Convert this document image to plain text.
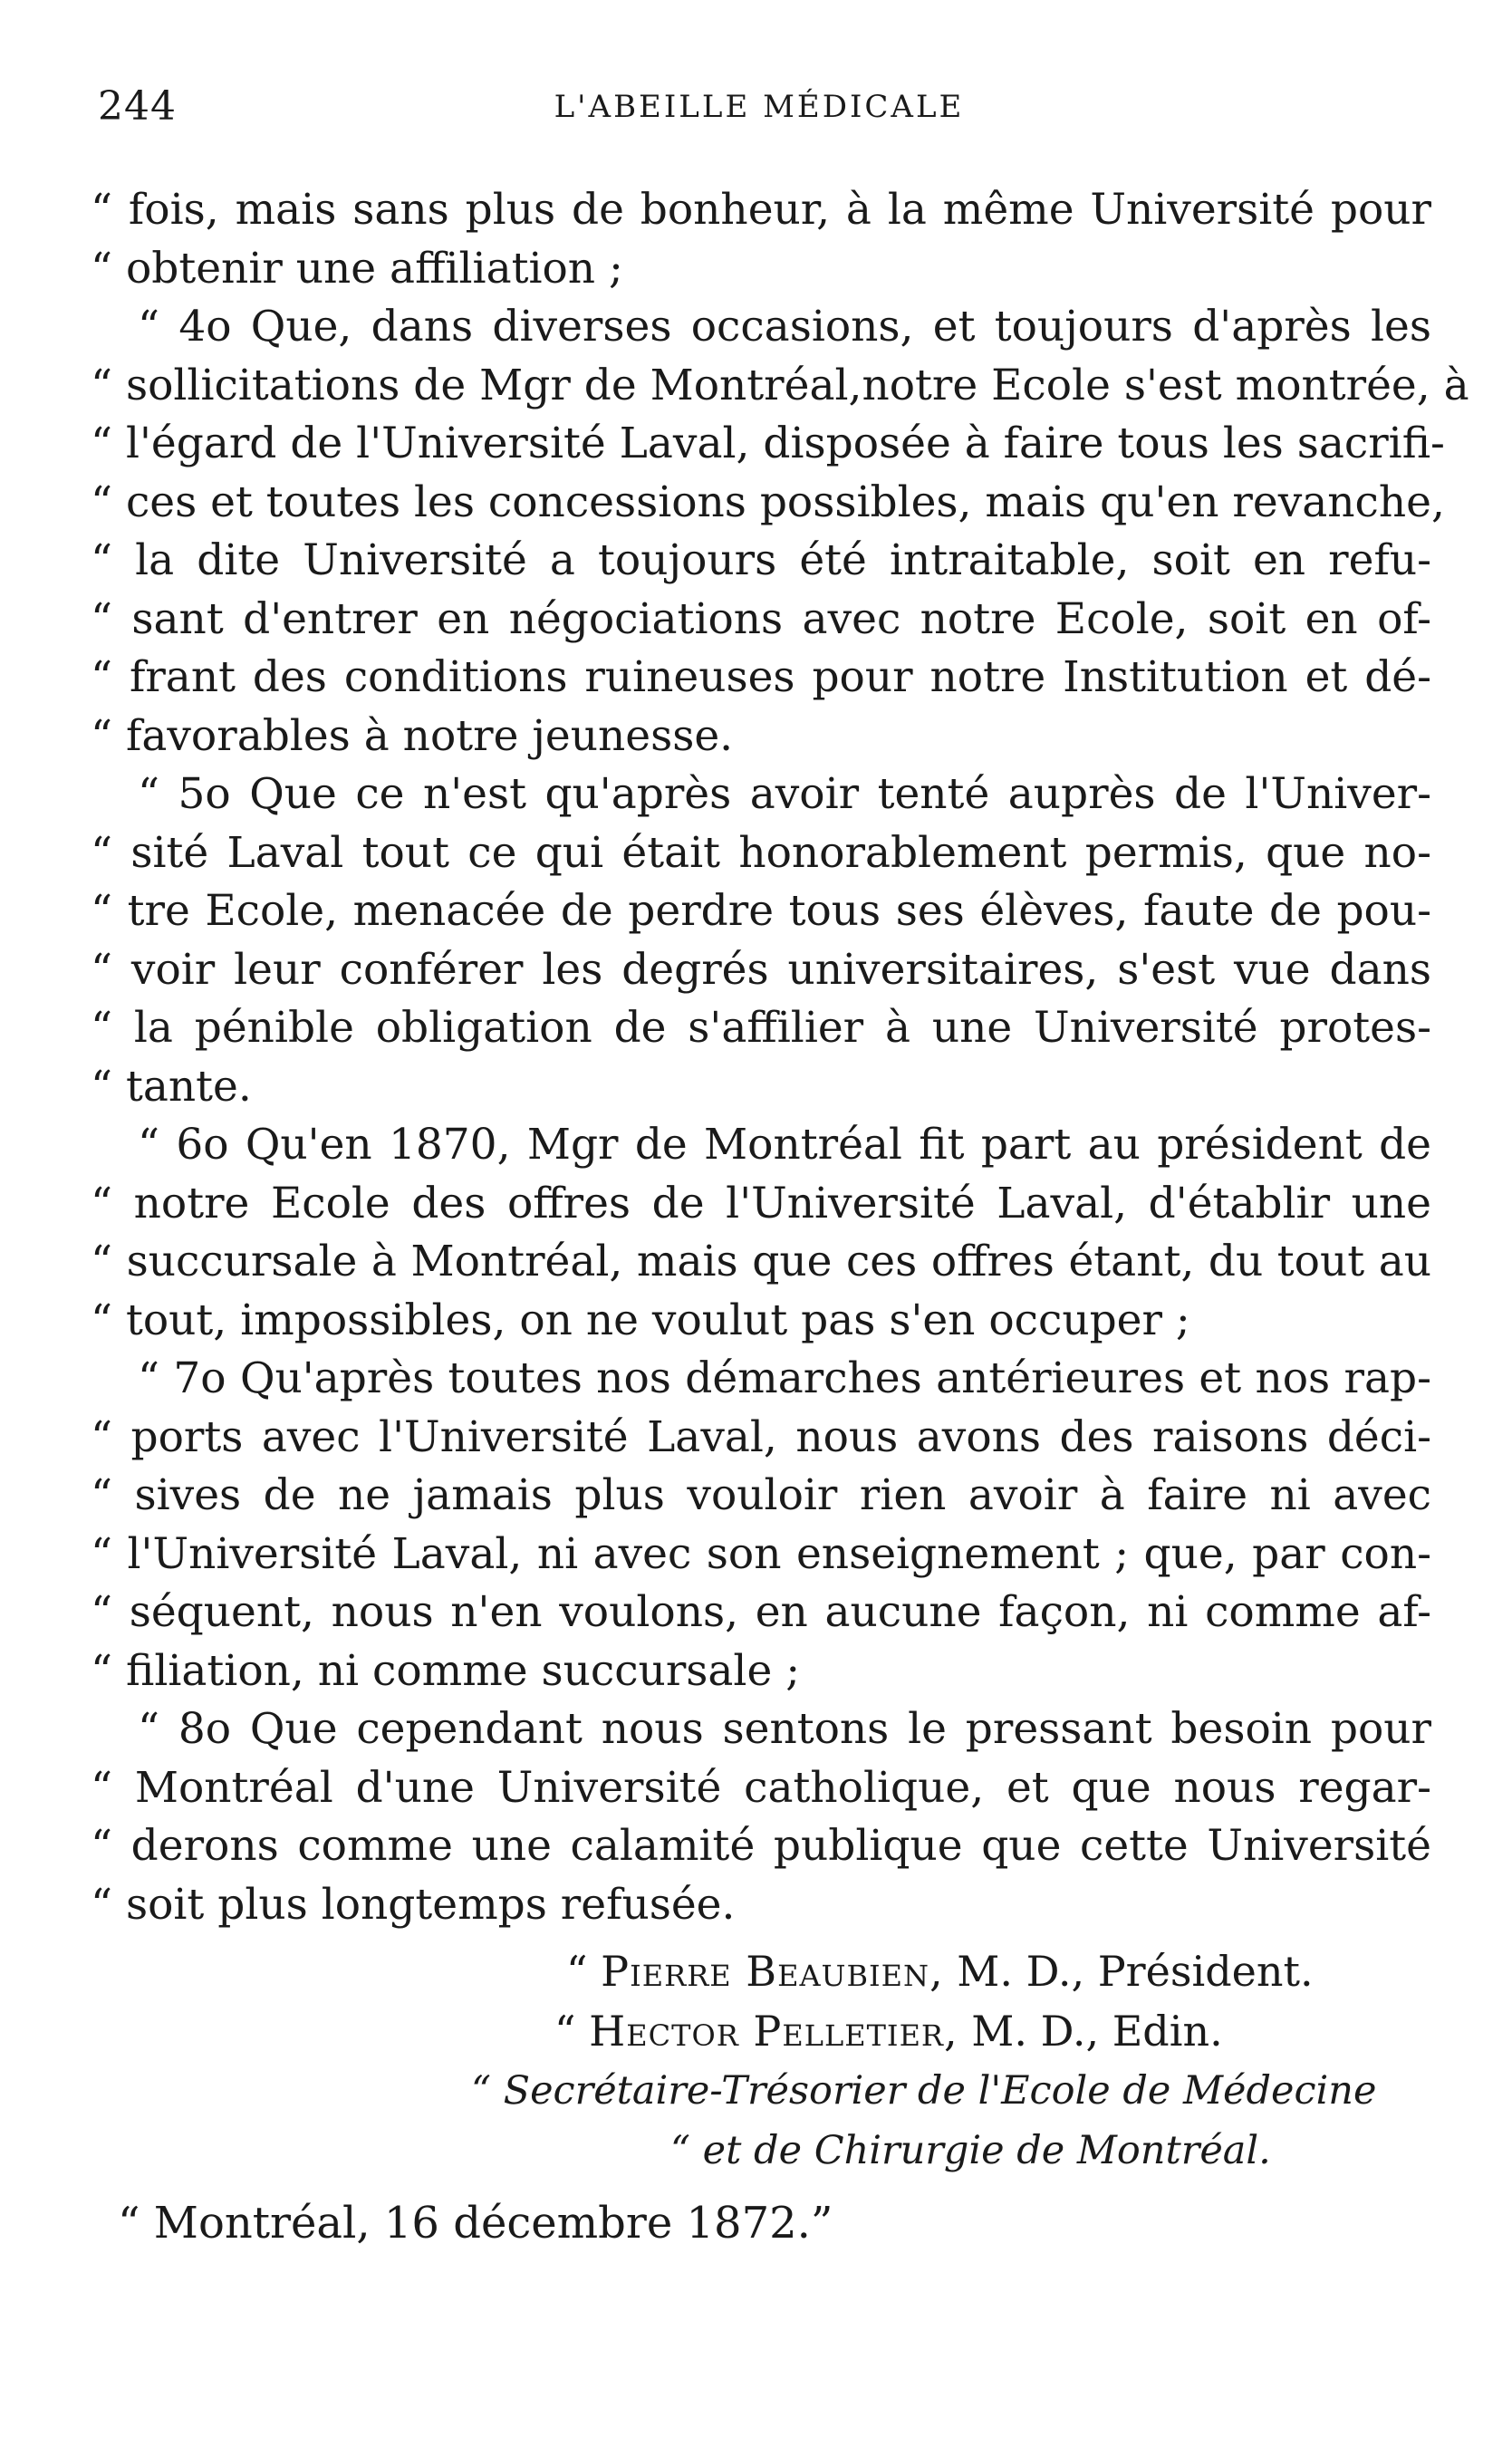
244	L'ABEILLE MÉDICALE
“ fois, mais sans plus de bonheur, à la même Université pour
“ obtenir une affiliation ;
“ 4o Que, dans diverses occasions, et toujours d'après les
“ sollicitations de Mgr de Montréal,notre Ecole s'est montrée, à
“ l'égard de l'Université Laval, disposée à faire tous les sacrifi-
“ ces et toutes les concessions possibles, mais qu'en revanche,
“ la dite Université a toujours été intraitable, soit en refu-
“ sant d'entrer en négociations avec notre Ecole, soit en of-
“ frant des conditions ruineuses pour notre Institution et dé-
“ favorables à notre jeunesse.
“ 5o Que ce n'est qu'après avoir tenté auprès de l'Univer-
“ sité Laval tout ce qui était honorablement permis, que no-
“ tre Ecole, menacée de perdre tous ses élèves, faute de pou-
“ voir leur conférer les degrés universitaires, s'est vue dans
“ la pénible obligation de s'affilier à une Université protes-
“ tante.
“ 6o Qu'en 1870, Mgr de Montréal fit part au président de
“ notre Ecole des offres de l'Université Laval, d'établir une
“ succursale à Montréal, mais que ces offres étant, du tout au
“ tout, impossibles, on ne voulut pas s'en occuper ;
“ 7o Qu'après toutes nos démarches antérieures et nos rap-
“ ports avec l'Université Laval, nous avons des raisons déci-
“ sives de ne jamais plus vouloir rien avoir à faire ni avec
“ l'Université Laval, ni avec son enseignement ; que, par con-
“ séquent, nous n'en voulons, en aucune façon, ni comme af-
“ filiation, ni comme succursale ;
“ 8o Que cependant nous sentons le pressant besoin pour
“ Montréal d'une Université catholique, et que nous regar-
“ derons comme une calamité publique que cette Université
“ soit plus longtemps refusée.
“ Pierre Beaubien, M. D., Président.
“ Hector Pelletier, M. D., Edin.
“ Secrétaire-Trésorier de l'Ecole de Médecine
“ et de Chirurgie de Montréal.
“ Montréal, 16 décembre 1872.”
